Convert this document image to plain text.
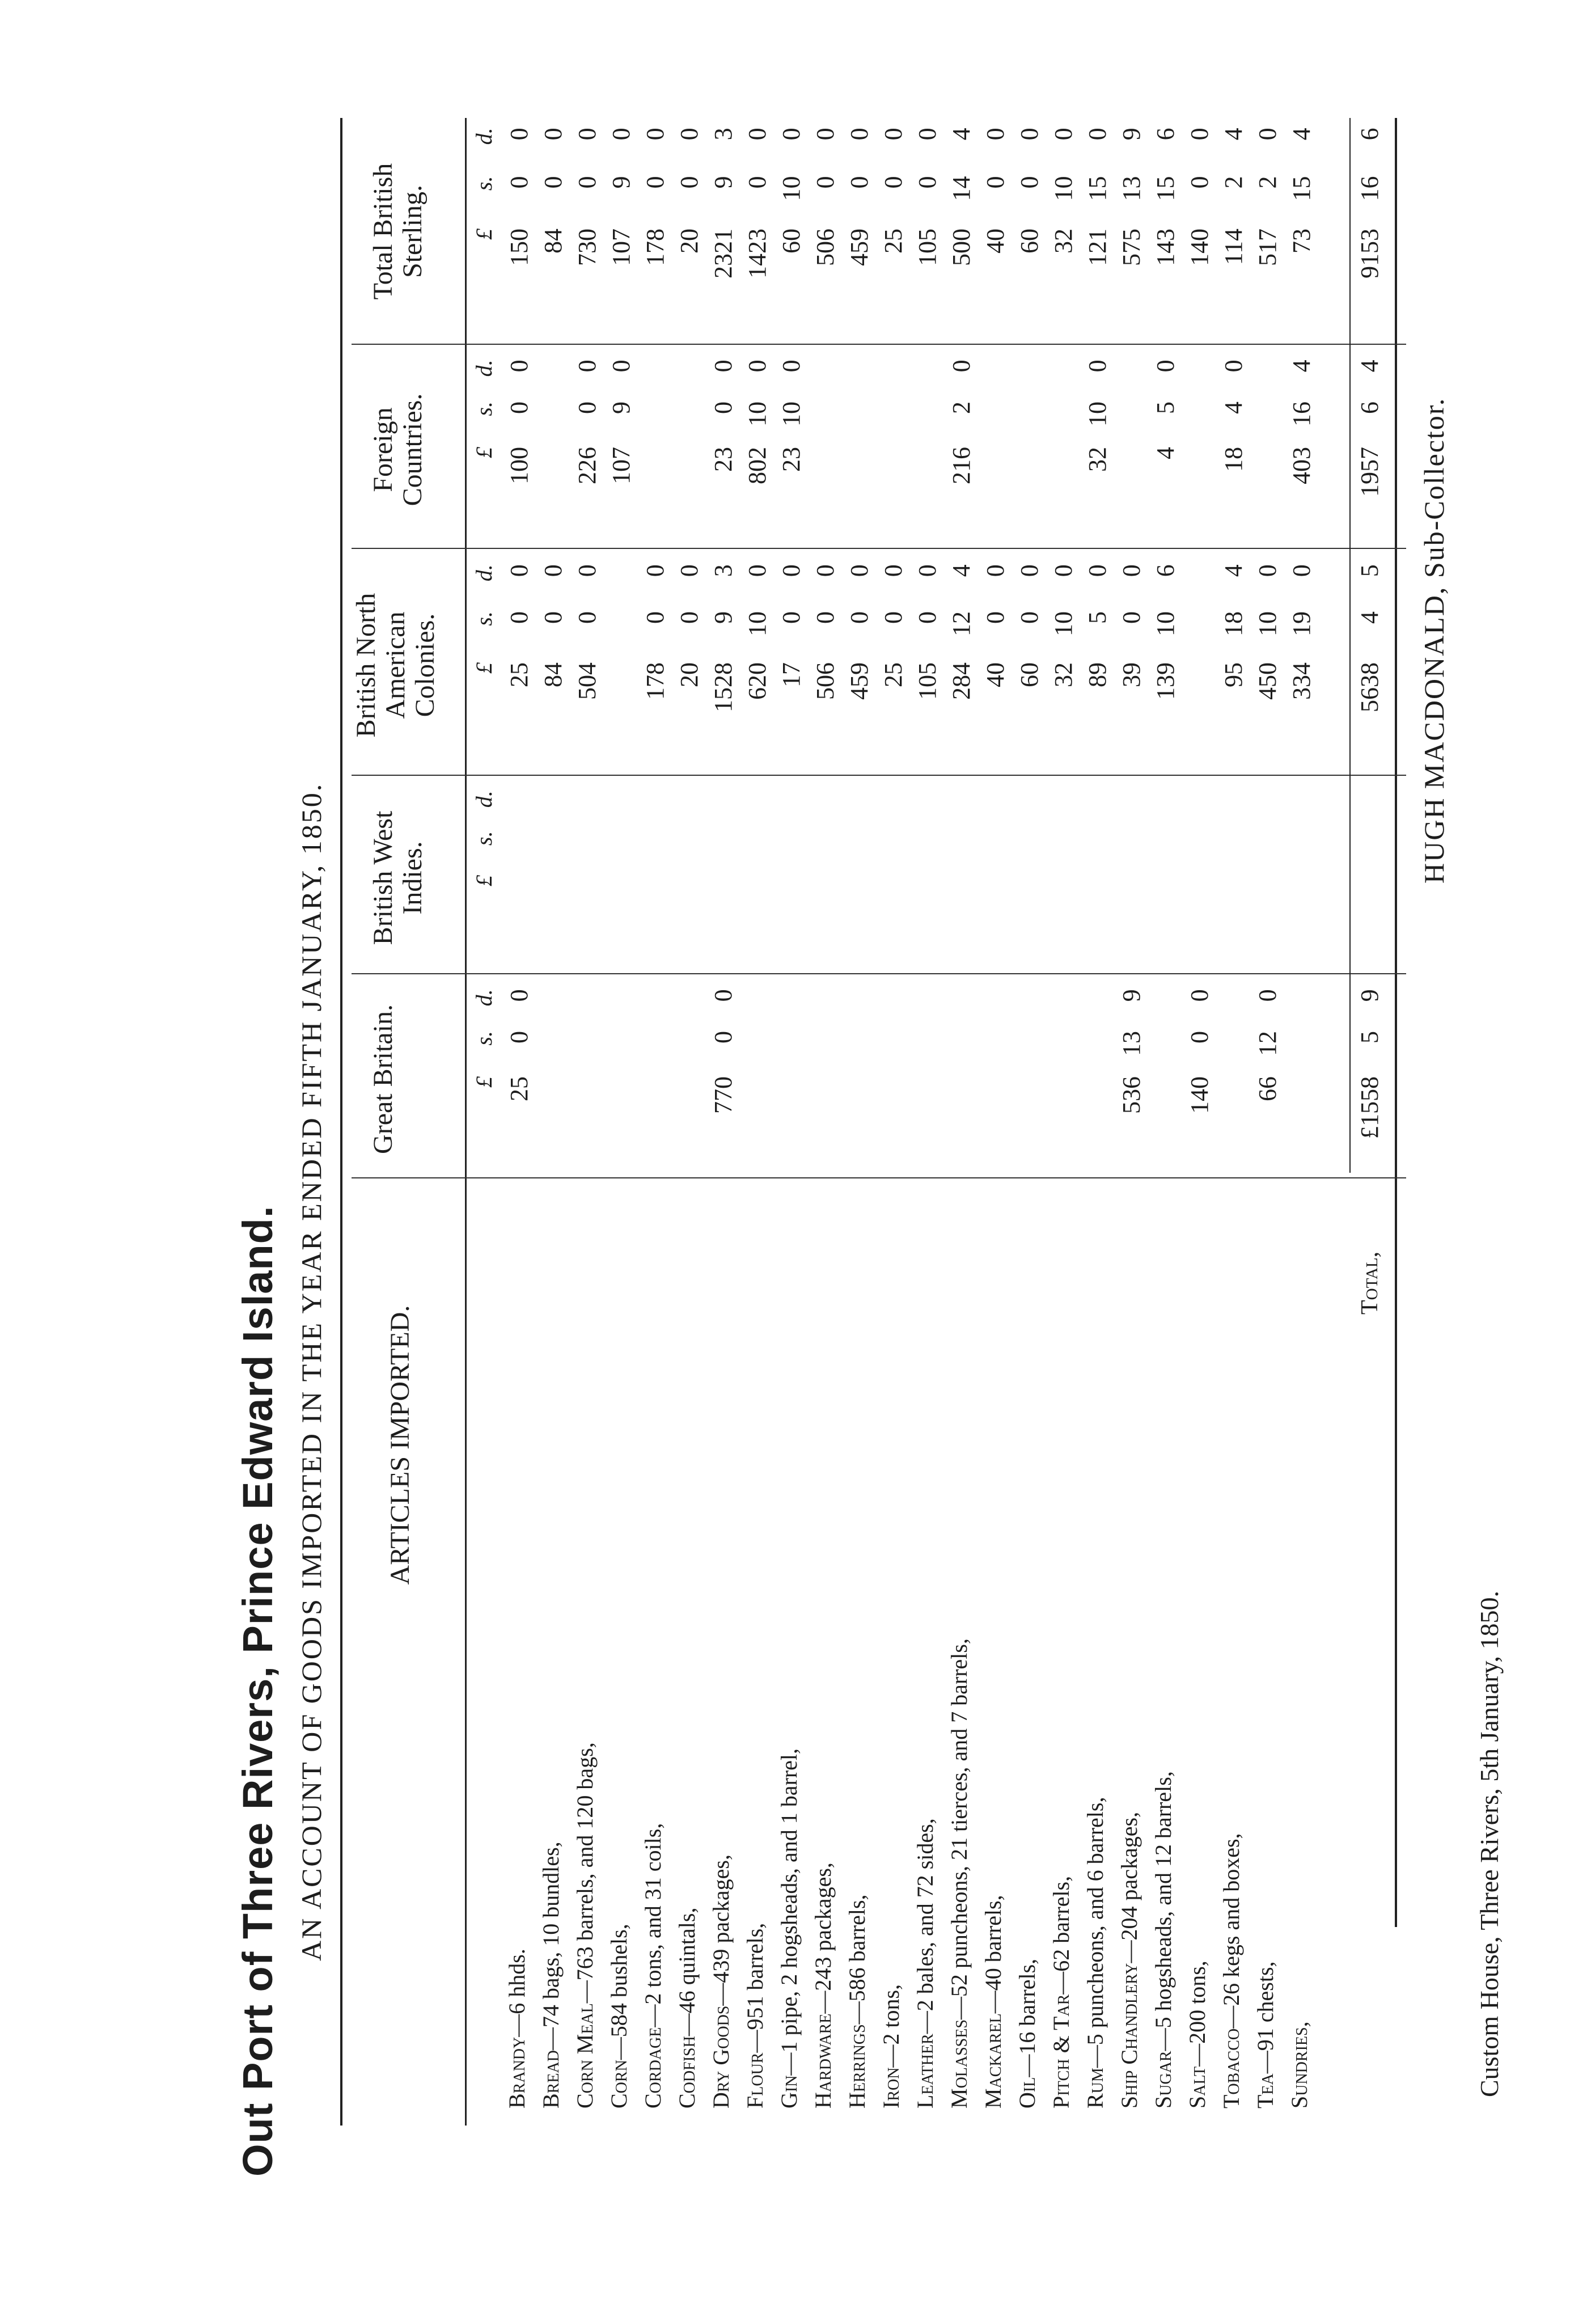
Out Port of Three Rivers, Prince Edward Island. AN ACCOUNT OF GOODS IMPORTED IN THE YEAR ENDED FIFTH JANUARY, 1850. ARTICLES IMPORTED.
Great Britain.
British West Indies.
British North American Colonies.
Foreign Countries.
Total British Sterling.
£
s.
d.
£
s.
d.
£
s.
d.
£
s.
d.
£
s.
d.
Brandy—6 hhds.
25
0
0
25
0
0
100
0
0
150
0
0
Bread—74 bags, 10 bundles,
84
0
0
84
0
0
Corn Meal—763 barrels, and 120 bags,
504
0
0
226
0
0
730
0
0
Corn—584 bushels,
107
9
0
107
9
0
Cordage—2 tons, and 31 coils,
178
0
0
178
0
0
Codfish—46 quintals,
20
0
0
20
0
0
Dry Goods—439 packages,
770
0
0
1528
9
3
23
0
0
2321
9
3
Flour—951 barrels,
620
10
0
802
10
0
1423
0
0
Gin—1 pipe, 2 hogsheads, and 1 barrel,
17
0
0
23
10
0
60
10
0
Hardware—243 packages,
506
0
0
506
0
0
Herrings—586 barrels,
459
0
0
459
0
0
Iron—2 tons,
25
0
0
25
0
0
Leather—2 bales, and 72 sides,
105
0
0
105
0
0
Molasses—52 puncheons, 21 tierces, and 7 barrels,
284
12
4
216
2
0
500
14
4
Mackarel—40 barrels,
40
0
0
40
0
0
Oil—16 barrels,
60
0
0
60
0
0
Pitch & Tar—62 barrels,
32
10
0
32
10
0
Rum—5 puncheons, and 6 barrels,
89
5
0
32
10
0
121
15
0
Ship Chandlery—204 packages,
536
13
9
39
0
0
575
13
9
Sugar—5 hogsheads, and 12 barrels,
139
10
6
4
5
0
143
15
6
Salt—200 tons,
140
0
0
140
0
0
Tobacco—26 kegs and boxes,
95
18
4
18
4
0
114
2
4
Tea—91 chests,
66
12
0
450
10
0
517
2
0
Sundries,
334
19
0
403
16
4
73
15
4
Total,
£1558
5
9
5638
4
5
1957
6
4
9153
16
6
Custom House, Three Rivers, 5th January, 1850.
HUGH MACDONALD, Sub-Collector.
